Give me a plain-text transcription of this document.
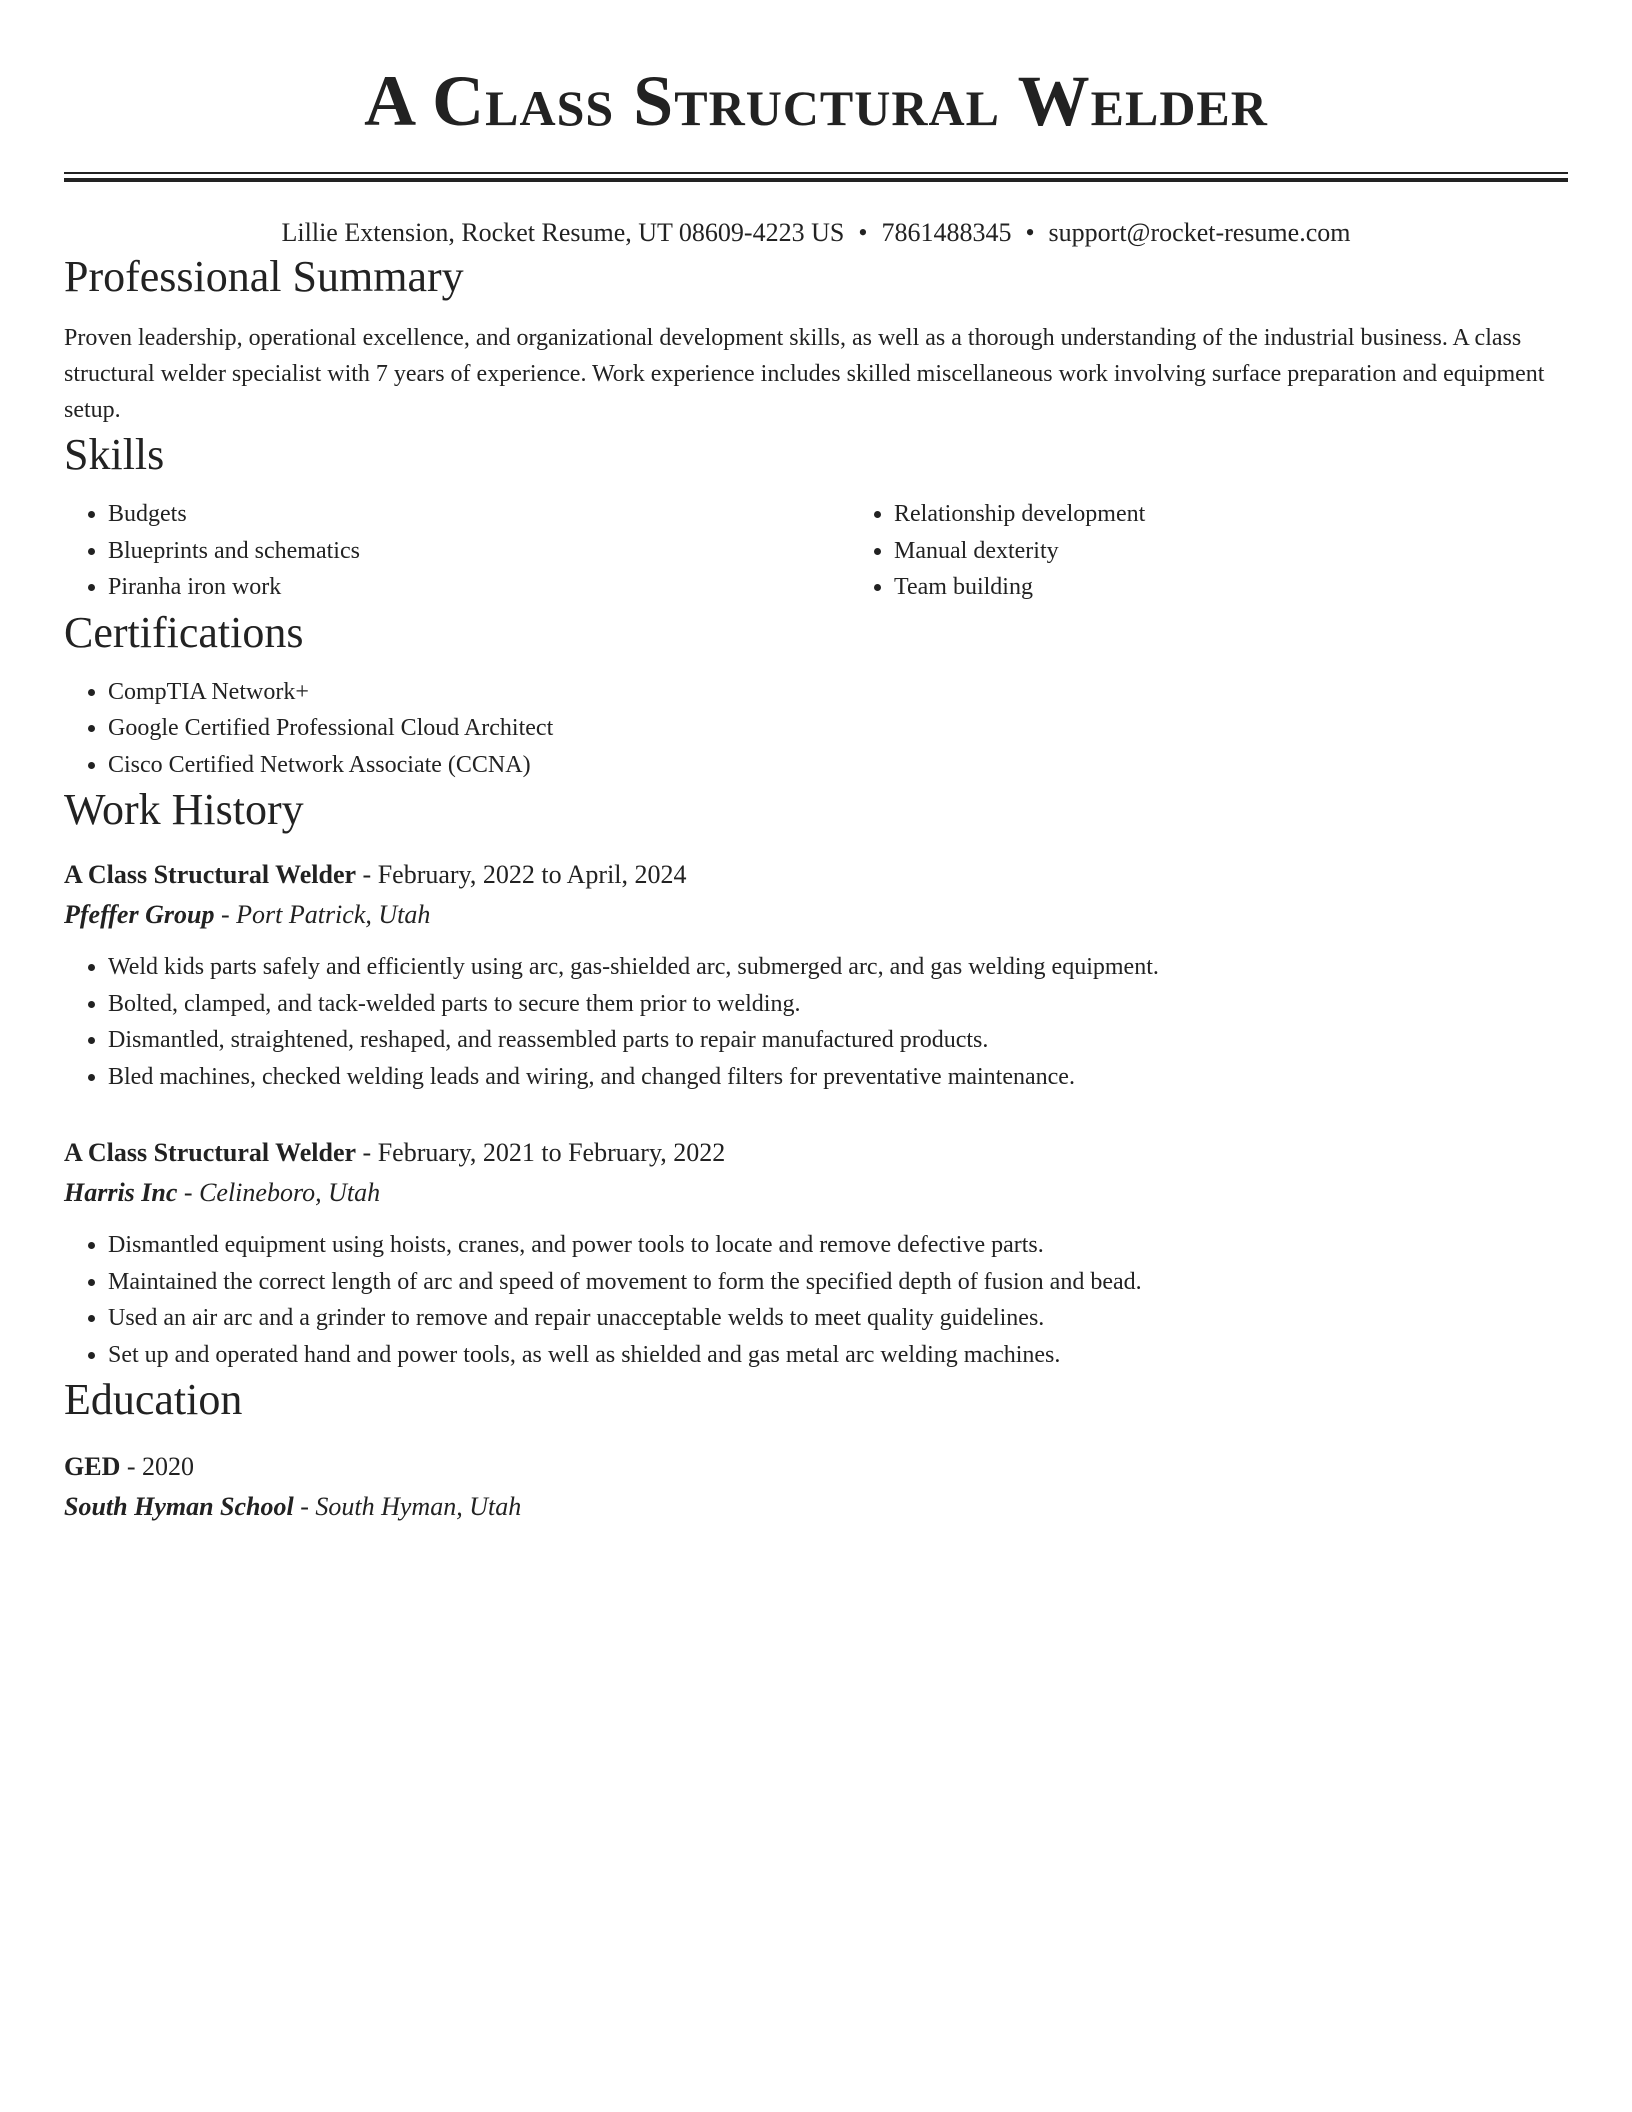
A Class Structural Welder
Lillie Extension, Rocket Resume, UT 08609-4223 US • 7861488345 • support@rocket-resume.com
Professional Summary

Proven leadership, operational excellence, and organizational development skills, as well as a thorough understanding of the industrial business. A class structural welder specialist with 7 years of experience. Work experience includes skilled miscellaneous work involving surface preparation and equipment setup.

Skills
• Budgets
• Blueprints and schematics
• Piranha iron work
• Relationship development
• Manual dexterity
• Team building
Certifications
• CompTIA Network+
• Google Certified Professional Cloud Architect
• Cisco Certified Network Associate (CCNA)
Work History
A Class Structural Welder - February, 2022 to April, 2024
Pfeffer Group - Port Patrick, Utah
• Weld kids parts safely and efficiently using arc, gas-shielded arc, submerged arc, and gas welding equipment.
• Bolted, clamped, and tack-welded parts to secure them prior to welding.
• Dismantled, straightened, reshaped, and reassembled parts to repair manufactured products.
• Bled machines, checked welding leads and wiring, and changed filters for preventative maintenance.
A Class Structural Welder - February, 2021 to February, 2022
Harris Inc - Celineboro, Utah
• Dismantled equipment using hoists, cranes, and power tools to locate and remove defective parts.
• Maintained the correct length of arc and speed of movement to form the specified depth of fusion and bead.
• Used an air arc and a grinder to remove and repair unacceptable welds to meet quality guidelines.
• Set up and operated hand and power tools, as well as shielded and gas metal arc welding machines.
Education
GED - 2020
South Hyman School - South Hyman, Utah
